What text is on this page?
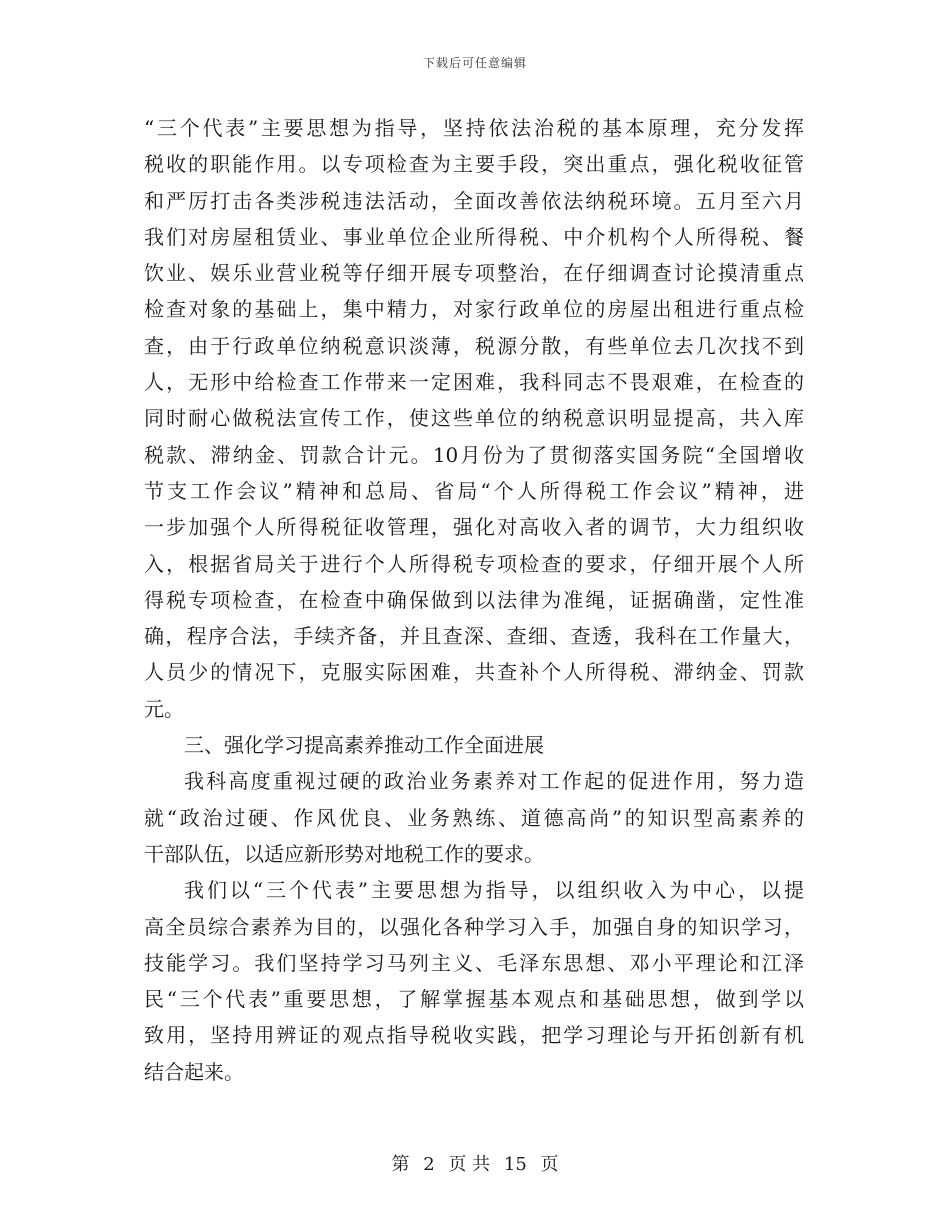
下载后可任意编辑
“三个代表”主要思想为指导，坚持依法治税的基本原理，充分发挥
税收的职能作用。以专项检查为主要手段，突出重点，强化税收征管
和严厉打击各类涉税违法活动，全面改善依法纳税环境。五月至六月
我们对房屋租赁业、事业单位企业所得税、中介机构个人所得税、餐
饮业、娱乐业营业税等仔细开展专项整治，在仔细调查讨论摸清重点
检查对象的基础上，集中精力，对家行政单位的房屋出租进行重点检
查，由于行政单位纳税意识淡薄，税源分散，有些单位去几次找不到
人，无形中给检查工作带来一定困难，我科同志不畏艰难，在检查的
同时耐心做税法宣传工作，使这些单位的纳税意识明显提高，共入库
税款、滞纳金、罚款合计元。10月份为了贯彻落实国务院“全国增收
节支工作会议”精神和总局、省局“个人所得税工作会议”精神，进
一步加强个人所得税征收管理，强化对高收入者的调节，大力组织收
入，根据省局关于进行个人所得税专项检查的要求，仔细开展个人所
得税专项检查，在检查中确保做到以法律为准绳，证据确凿，定性准
确，程序合法，手续齐备，并且查深、查细、查透，我科在工作量大，
人员少的情况下，克服实际困难，共查补个人所得税、滞纳金、罚款
元。
三、强化学习提高素养推动工作全面进展
我科高度重视过硬的政治业务素养对工作起的促进作用，努力造
就“政治过硬、作风优良、业务熟练、道德高尚”的知识型高素养的
干部队伍，以适应新形势对地税工作的要求。
我们以“三个代表”主要思想为指导，以组织收入为中心，以提
高全员综合素养为目的，以强化各种学习入手，加强自身的知识学习，
技能学习。我们坚持学习马列主义、毛泽东思想、邓小平理论和江泽
民“三个代表”重要思想，了解掌握基本观点和基础思想，做到学以
致用，坚持用辨证的观点指导税收实践，把学习理论与开拓创新有机
结合起来。
第 2 页 共 15 页
